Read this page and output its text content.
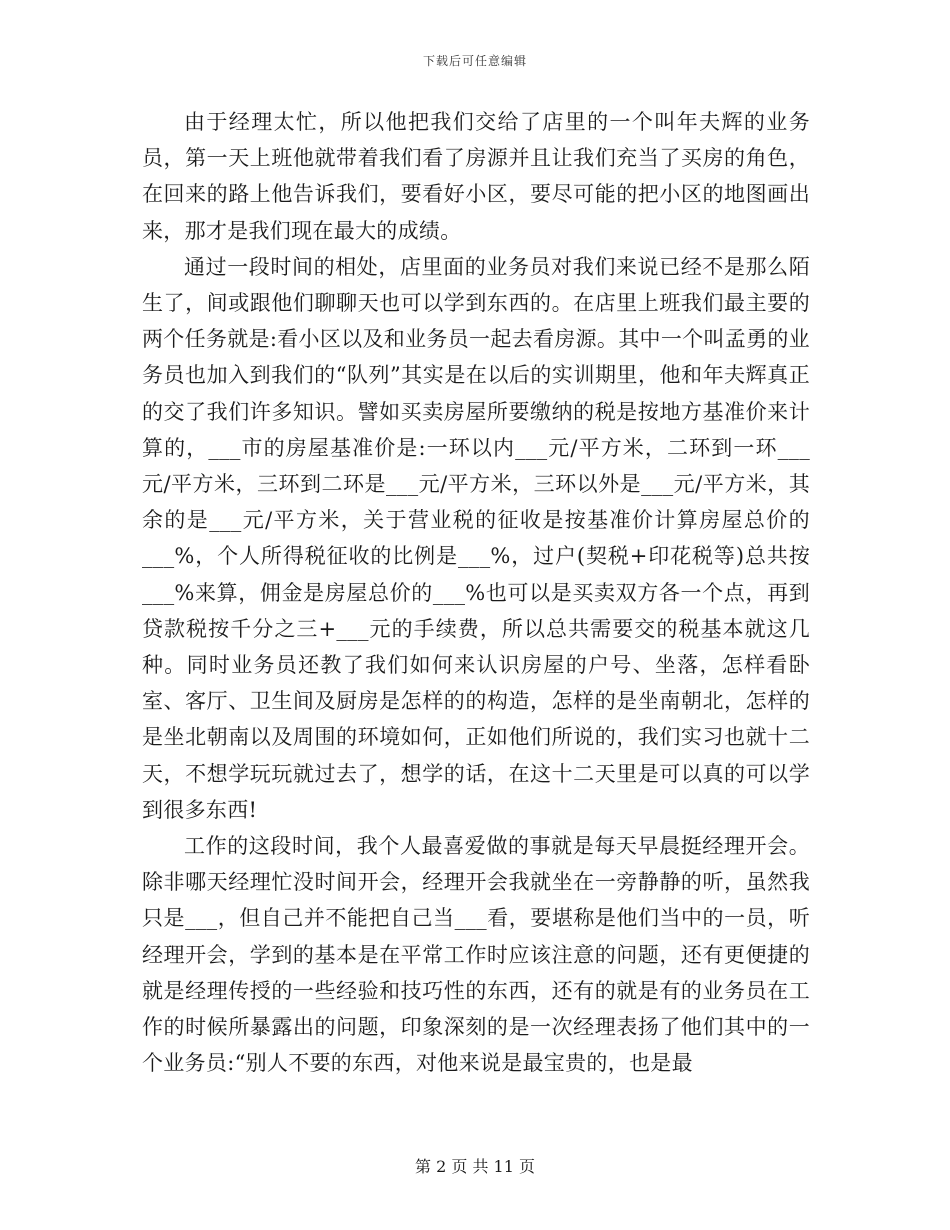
下载后可任意编辑

由于经理太忙，所以他把我们交给了店里的一个叫年夫辉的业务员，第一天上班他就带着我们看了房源并且让我们充当了买房的角色，在回来的路上他告诉我们，要看好小区，要尽可能的把小区的地图画出来，那才是我们现在最大的成绩。

通过一段时间的相处，店里面的业务员对我们来说已经不是那么陌生了，间或跟他们聊聊天也可以学到东西的。在店里上班我们最主要的两个任务就是:看小区以及和业务员一起去看房源。其中一个叫孟勇的业务员也加入到我们的“队列”其实是在以后的实训期里，他和年夫辉真正的交了我们许多知识。譬如买卖房屋所要缴纳的税是按地方基准价来计算的，___市的房屋基准价是:一环以内___元/平方米，二环到一环___元/平方米，三环到二环是___元/平方米，三环以外是___元/平方米，其余的是___元/平方米，关于营业税的征收是按基准价计算房屋总价的___%，个人所得税征收的比例是___%，过户(契税+印花税等)总共按___%来算，佣金是房屋总价的___%也可以是买卖双方各一个点，再到贷款税按千分之三+___元的手续费，所以总共需要交的税基本就这几种。同时业务员还教了我们如何来认识房屋的户号、坐落，怎样看卧室、客厅、卫生间及厨房是怎样的的构造，怎样的是坐南朝北，怎样的是坐北朝南以及周围的环境如何，正如他们所说的，我们实习也就十二天，不想学玩玩就过去了，想学的话，在这十二天里是可以真的可以学到很多东西!

工作的这段时间，我个人最喜爱做的事就是每天早晨挺经理开会。除非哪天经理忙没时间开会，经理开会我就坐在一旁静静的听，虽然我只是___，但自己并不能把自己当___看，要堪称是他们当中的一员，听经理开会，学到的基本是在平常工作时应该注意的问题，还有更便捷的就是经理传授的一些经验和技巧性的东西，还有的就是有的业务员在工作的时候所暴露出的问题，印象深刻的是一次经理表扬了他们其中的一个业务员:“别人不要的东西，对他来说是最宝贵的，也是最

第 2 页 共 11 页
